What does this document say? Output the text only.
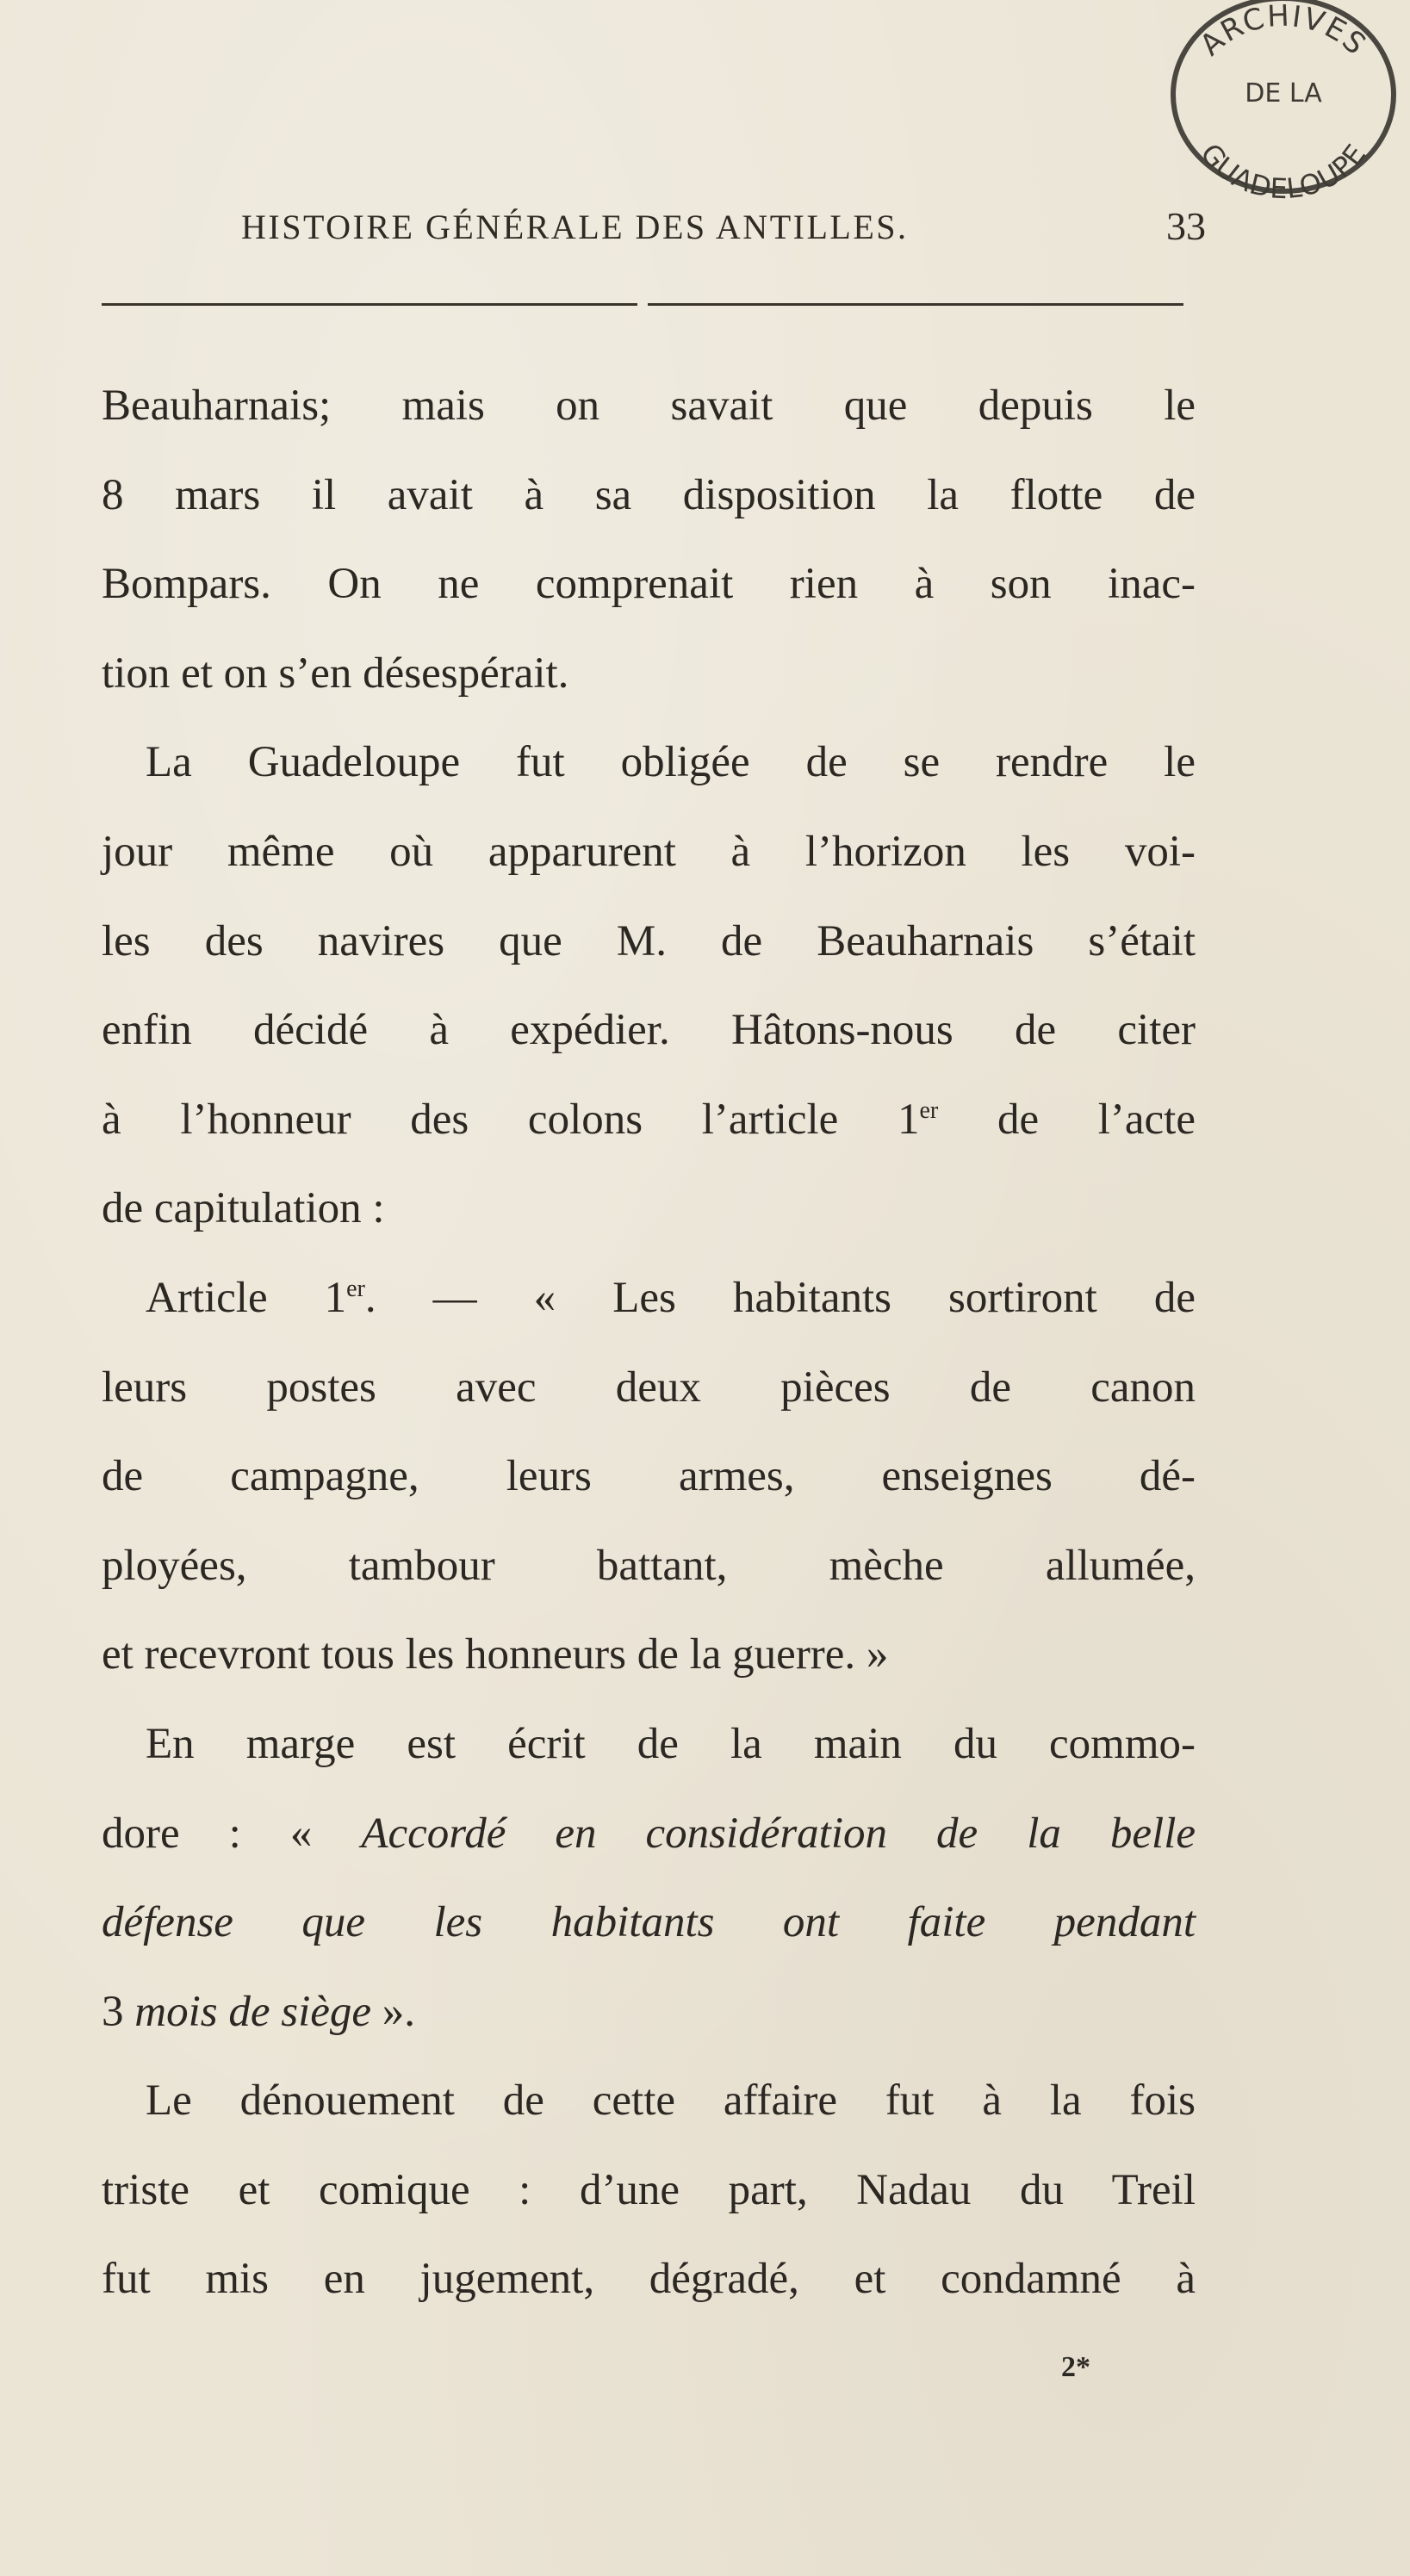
ARCHIVES
DE LA
GUADELOUPE
HISTOIRE GÉNÉRALE DES ANTILLES.	33
Beauharnais; mais on savait que depuis le
8 mars il avait à sa disposition la flotte de
Bompars. On ne comprenait rien à son inac-
tion et on s’en désespérait.
La Guadeloupe fut obligée de se rendre le
jour même où apparurent à l’horizon les voi-
les des navires que M. de Beauharnais s’était
enfin décidé à expédier. Hâtons-nous de citer
à l’honneur des colons l’article 1er de l’acte
de capitulation :
Article 1er. — « Les habitants sortiront de
leurs postes avec deux pièces de canon
de campagne, leurs armes, enseignes dé-
ployées, tambour battant, mèche allumée,
et recevront tous les honneurs de la guerre. »
En marge est écrit de la main du commo-
dore : « Accordé en considération de la belle
défense que les habitants ont faite pendant
3 mois de siège ».
Le dénouement de cette affaire fut à la fois
triste et comique : d’une part, Nadau du Treil
fut mis en jugement, dégradé, et condamné à
2*
